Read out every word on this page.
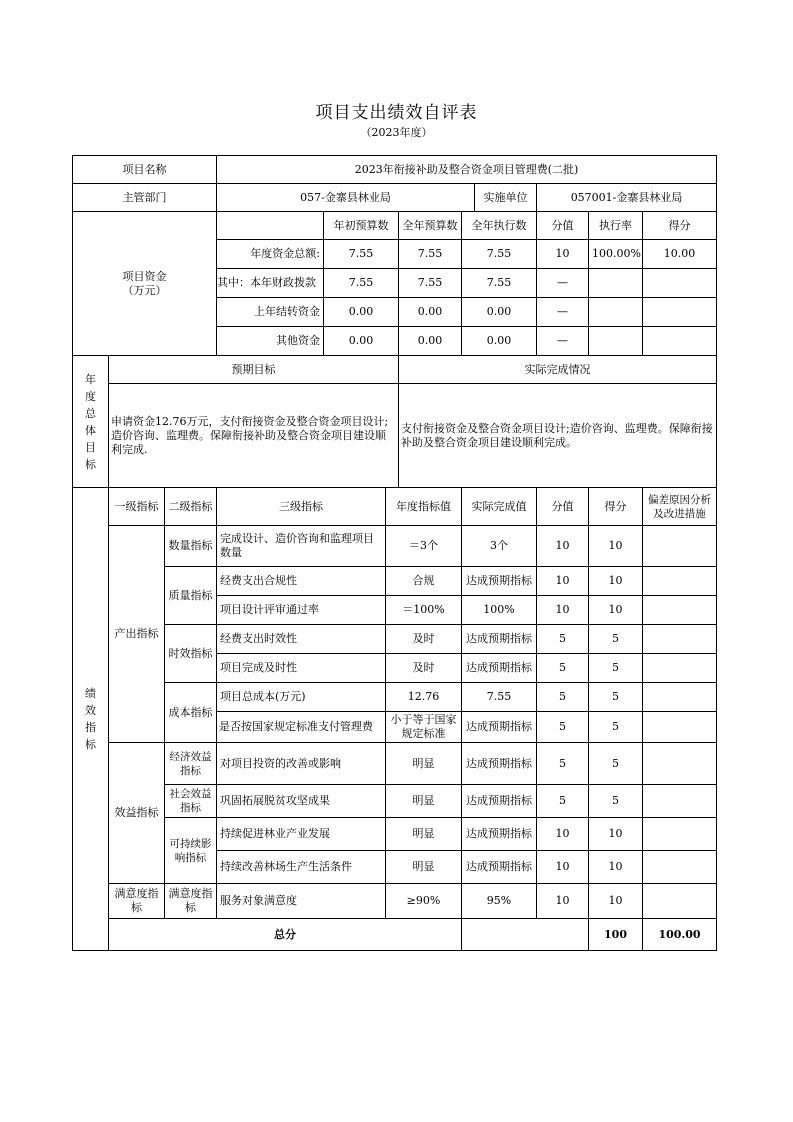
项目支出绩效自评表
（2023年度）
项目名称			2023年衔接补助及整合资金项目管理费(二批)									
主管部门			057-金寨县林业局					实施单位	057001-金寨县林业局			

项目资金
（万元）				年初预算数		全年预算数	全年执行数		分值	执行率	得分	
			年度资金总额:	7.55		7.55	7.55		10	100.00%	10.00	
			其中：本年财政拨款	7.55		7.55	7.55		—			
			上年结转资金	0.00		0.00	0.00		—			
			其他资金	0.00		0.00	0.00		—			

年度总体目标	预期目标					实际完成情况						
	申请资金12.76万元，支付衔接资金及整合资金项目设计;造价咨询、监理费。保障衔接补助及整合资金项目建设顺利完成.					支付衔接资金及整合资金项目设计;造价咨询、监理费。保障衔接补助及整合资金项目建设顺利完成。						

绩效指标	一级指标	二级指标	三级指标		年度指标值		实际完成值		分值	得分	偏差原因分析及改进措施	
	产出指标	数量指标	完成设计、造价咨询和监理项目数量		＝3个		3个		10	10		
		质量指标	经费支出合规性		合规		达成预期指标		10	10		
			项目设计评审通过率		＝100%		100%		10	10		
		时效指标	经费支出时效性		及时		达成预期指标		5	5		
			项目完成及时性		及时		达成预期指标		5	5		
		成本指标	项目总成本(万元)		12.76		7.55		5	5		
			是否按国家规定标准支付管理费		小于等于国家规定标准		达成预期指标		5	5		
	效益指标	经济效益指标	对项目投资的改善或影响		明显		达成预期指标		5	5		
		社会效益指标	巩固拓展脱贫攻坚成果		明显		达成预期指标		5	5		
		可持续影响指标	持续促进林业产业发展		明显		达成预期指标		10	10		
			持续改善林场生产生活条件		明显		达成预期指标		10	10		
	满意度指标	满意度指标	服务对象满意度		≥90%		95%		10	10		
	总分									100	100.00	
